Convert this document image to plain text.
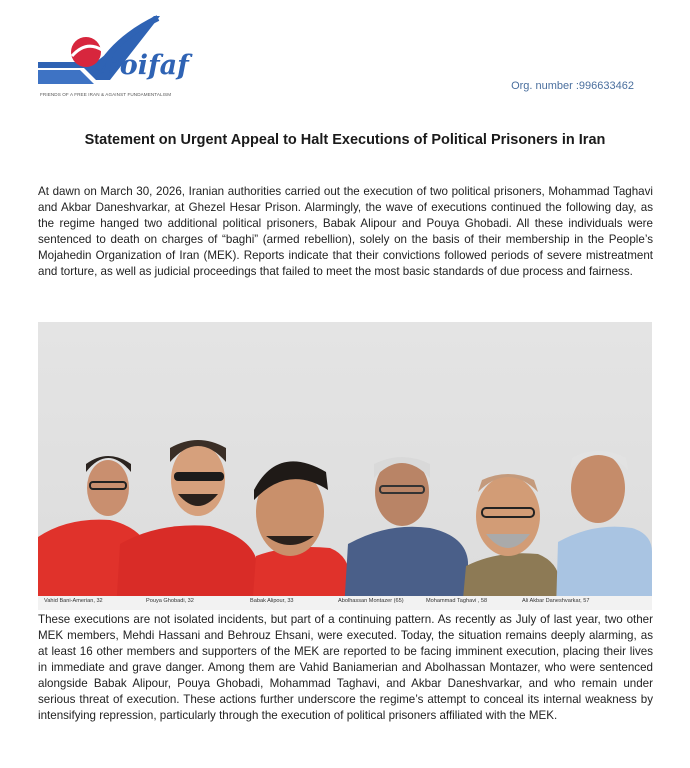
Foifaf
FRIENDS OF A FREE IRAN & AGAINST FUNDAMENTALISM
Org. number :996633462
Statement on Urgent Appeal to Halt Executions of Political Prisoners in Iran
At dawn on March 30, 2026, Iranian authorities carried out the execution of two political prisoners, Mohammad Taghavi and Akbar Daneshvarkar, at Ghezel Hesar Prison. Alarmingly, the wave of executions continued the following day, as the regime hanged two additional political prisoners, Babak Alipour and Pouya Ghobadi. All these individuals were sentenced to death on charges of “baghi” (armed rebellion), solely on the basis of their membership in the People’s Mojahedin Organization of Iran (MEK). Reports indicate that their convictions followed periods of severe mistreatment and torture, as well as judicial proceedings that failed to meet the most basic standards of due process and fairness.
Vahid Bani-Amerian, 32	Pouya Ghobadi, 32	Babak Alipour, 33	Abolhassan Montazer (65)	Mohammad Taghavi , 58	Ali Akbar Daneshvarkar, 57
These executions are not isolated incidents, but part of a continuing pattern. As recently as July of last year, two other MEK members, Mehdi Hassani and Behrouz Ehsani, were executed. Today, the situation remains deeply alarming, as at least 16 other members and supporters of the MEK are reported to be facing imminent execution, placing their lives in immediate and grave danger. Among them are Vahid Baniamerian and Abolhassan Montazer, who were sentenced alongside Babak Alipour, Pouya Ghobadi, Mohammad Taghavi, and Akbar Daneshvarkar, and who remain under serious threat of execution. These actions further underscore the regime’s attempt to conceal its internal weakness by intensifying repression, particularly through the execution of political prisoners affiliated with the MEK.
